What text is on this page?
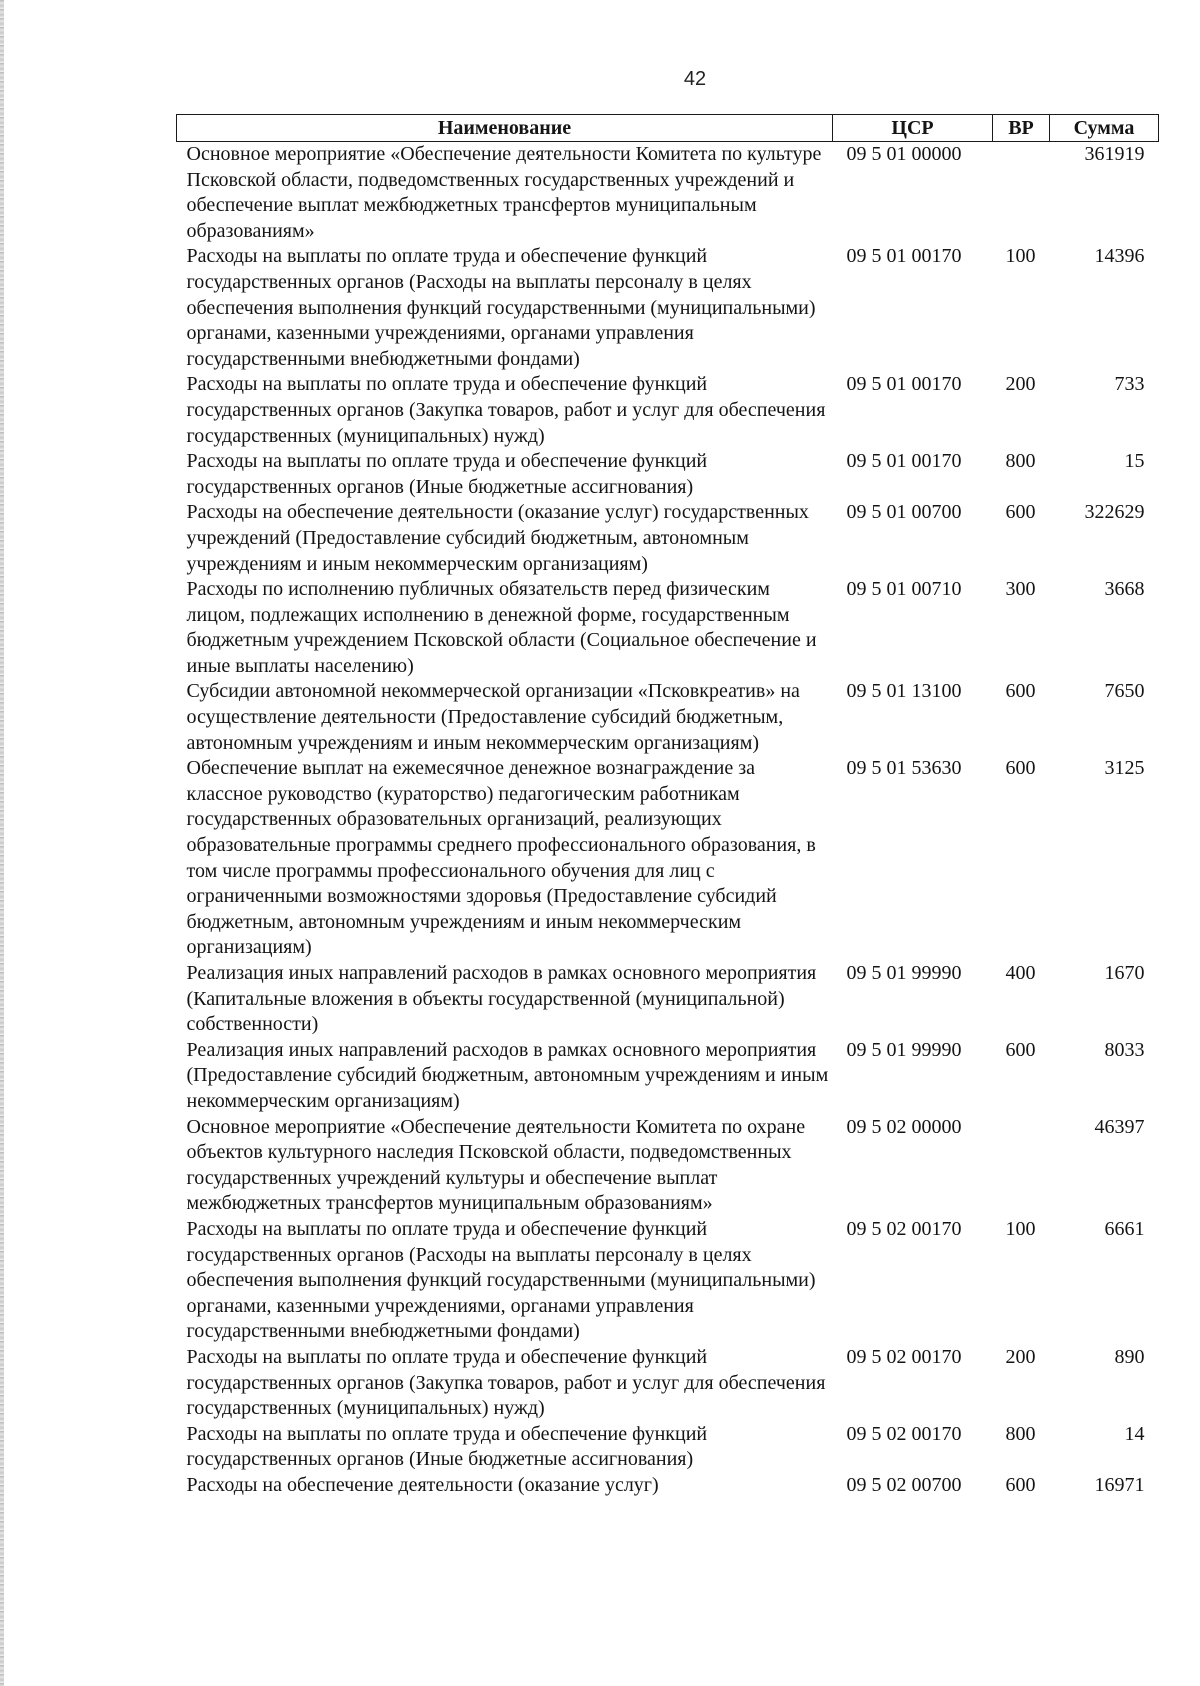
42
Наименование	ЦСР	ВР	Сумма
Основное мероприятие «Обеспечение деятельности Комитета по культуре Псковской области, подведомственных государственных учреждений и обеспечение выплат межбюджетных трансфертов муниципальным образованиям»	09 5 01 00000		361919
Расходы на выплаты по оплате труда и обеспечение функций государственных органов (Расходы на выплаты персоналу в целях обеспечения выполнения функций государственными (муниципальными) органами, казенными учреждениями, органами управления государственными внебюджетными фондами)	09 5 01 00170	100	14396
Расходы на выплаты по оплате труда и обеспечение функций государственных органов (Закупка товаров, работ и услуг для обеспечения государственных (муниципальных) нужд)	09 5 01 00170	200	733
Расходы на выплаты по оплате труда и обеспечение функций государственных органов (Иные бюджетные ассигнования)	09 5 01 00170	800	15
Расходы на обеспечение деятельности (оказание услуг) государственных учреждений (Предоставление субсидий бюджетным, автономным учреждениям и иным некоммерческим организациям)	09 5 01 00700	600	322629
Расходы по исполнению публичных обязательств перед физическим лицом, подлежащих исполнению в денежной форме, государственным бюджетным учреждением Псковской области (Социальное обеспечение и иные выплаты населению)	09 5 01 00710	300	3668
Субсидии автономной некоммерческой организации «Псковкреатив» на осуществление деятельности (Предоставление субсидий бюджетным, автономным учреждениям и иным некоммерческим организациям)	09 5 01 13100	600	7650
Обеспечение выплат на ежемесячное денежное вознаграждение за классное руководство (кураторство) педагогическим работникам государственных образовательных организаций, реализующих образовательные программы среднего профессионального образования, в том числе программы профессионального обучения для лиц с ограниченными возможностями здоровья (Предоставление субсидий бюджетным, автономным учреждениям и иным некоммерческим организациям)	09 5 01 53630	600	3125
Реализация иных направлений расходов в рамках основного мероприятия (Капитальные вложения в объекты государственной (муниципальной) собственности)	09 5 01 99990	400	1670
Реализация иных направлений расходов в рамках основного мероприятия (Предоставление субсидий бюджетным, автономным учреждениям и иным некоммерческим организациям)	09 5 01 99990	600	8033
Основное мероприятие «Обеспечение деятельности Комитета по охране объектов культурного наследия Псковской области, подведомственных государственных учреждений культуры и обеспечение выплат межбюджетных трансфертов муниципальным образованиям»	09 5 02 00000		46397
Расходы на выплаты по оплате труда и обеспечение функций государственных органов (Расходы на выплаты персоналу в целях обеспечения выполнения функций государственными (муниципальными) органами, казенными учреждениями, органами управления государственными внебюджетными фондами)	09 5 02 00170	100	6661
Расходы на выплаты по оплате труда и обеспечение функций государственных органов (Закупка товаров, работ и услуг для обеспечения государственных (муниципальных) нужд)	09 5 02 00170	200	890
Расходы на выплаты по оплате труда и обеспечение функций государственных органов (Иные бюджетные ассигнования)	09 5 02 00170	800	14
Расходы на обеспечение деятельности (оказание услуг)	09 5 02 00700	600	16971
